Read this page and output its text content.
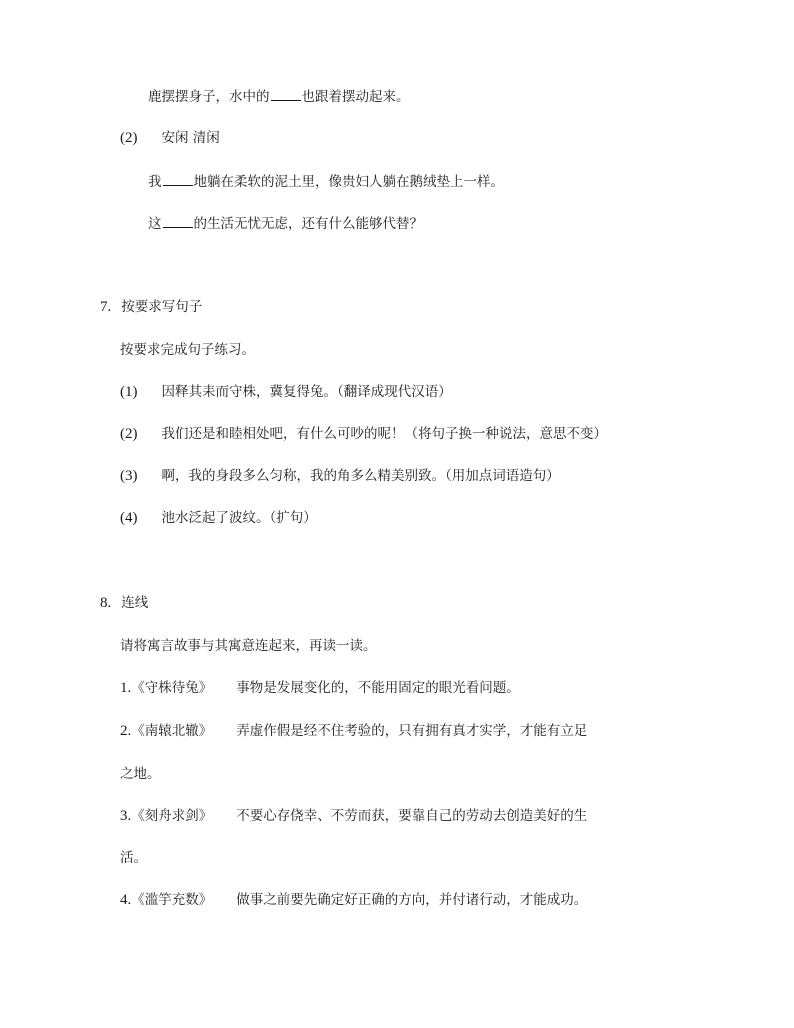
鹿摆摆身子，水中的 也跟着摆动起来。
(2) 安闲 清闲
我 地躺在柔软的泥土里，像贵妇人躺在鹅绒垫上一样。
这 的生活无忧无虑，还有什么能够代替？
7. 按要求写句子
按要求完成句子练习。
(1) 因释其耒而守株，冀复得兔。（翻译成现代汉语）
(2) 我们还是和睦相处吧，有什么可吵的呢！（将句子换一种说法，意思不变）
(3) 啊，我的身段多么匀称，我的角多么精美别致。（用加点词语造句）
(4) 池水泛起了波纹。（扩句）
8. 连线
请将寓言故事与其寓意连起来，再读一读。
1.《守株待兔》 事物是发展变化的，不能用固定的眼光看问题。
2.《南辕北辙》 弄虚作假是经不住考验的，只有拥有真才实学，才能有立足
之地。
3.《刻舟求剑》 不要心存侥幸、不劳而获，要靠自己的劳动去创造美好的生
活。
4.《滥竽充数》 做事之前要先确定好正确的方向，并付诸行动，才能成功。
